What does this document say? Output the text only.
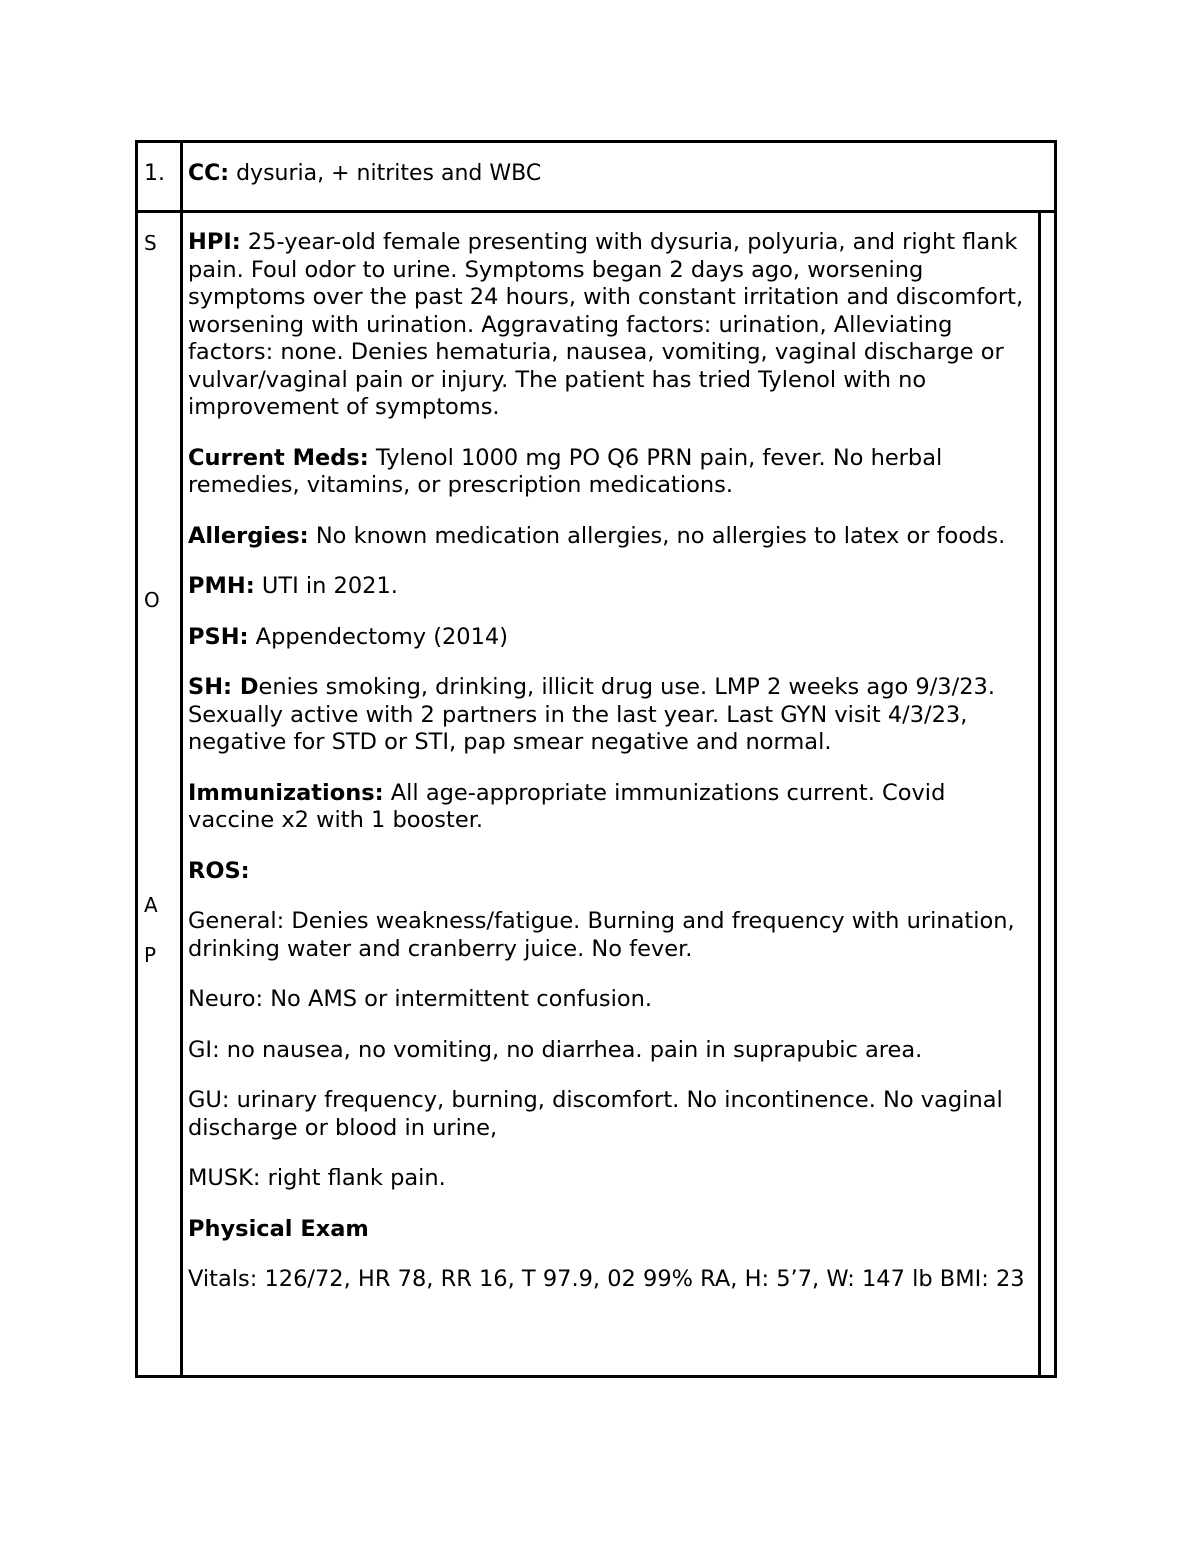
1. CC: dysuria, + nitrites and WBC
S
O
A
P

HPI: 25-year-old female presenting with dysuria, polyuria, and right flank pain. Foul odor to urine. Symptoms began 2 days ago, worsening symptoms over the past 24 hours, with constant irritation and discomfort, worsening with urination. Aggravating factors: urination, Alleviating factors: none. Denies hematuria, nausea, vomiting, vaginal discharge or vulvar/vaginal pain or injury. The patient has tried Tylenol with no improvement of symptoms.

Current Meds: Tylenol 1000 mg PO Q6 PRN pain, fever. No herbal remedies, vitamins, or prescription medications.

Allergies: No known medication allergies, no allergies to latex or foods.

PMH: UTI in 2021.

PSH: Appendectomy (2014)

SH: Denies smoking, drinking, illicit drug use. LMP 2 weeks ago 9/3/23. Sexually active with 2 partners in the last year. Last GYN visit 4/3/23, negative for STD or STI, pap smear negative and normal.

Immunizations: All age-appropriate immunizations current. Covid vaccine x2 with 1 booster.

ROS:

General: Denies weakness/fatigue. Burning and frequency with urination, drinking water and cranberry juice. No fever.

Neuro: No AMS or intermittent confusion.

GI: no nausea, no vomiting, no diarrhea. pain in suprapubic area.

GU: urinary frequency, burning, discomfort. No incontinence. No vaginal discharge or blood in urine,

MUSK: right flank pain.

Physical Exam

Vitals: 126/72, HR 78, RR 16, T 97.9, 02 99% RA, H: 5’7, W: 147 lb BMI: 23
